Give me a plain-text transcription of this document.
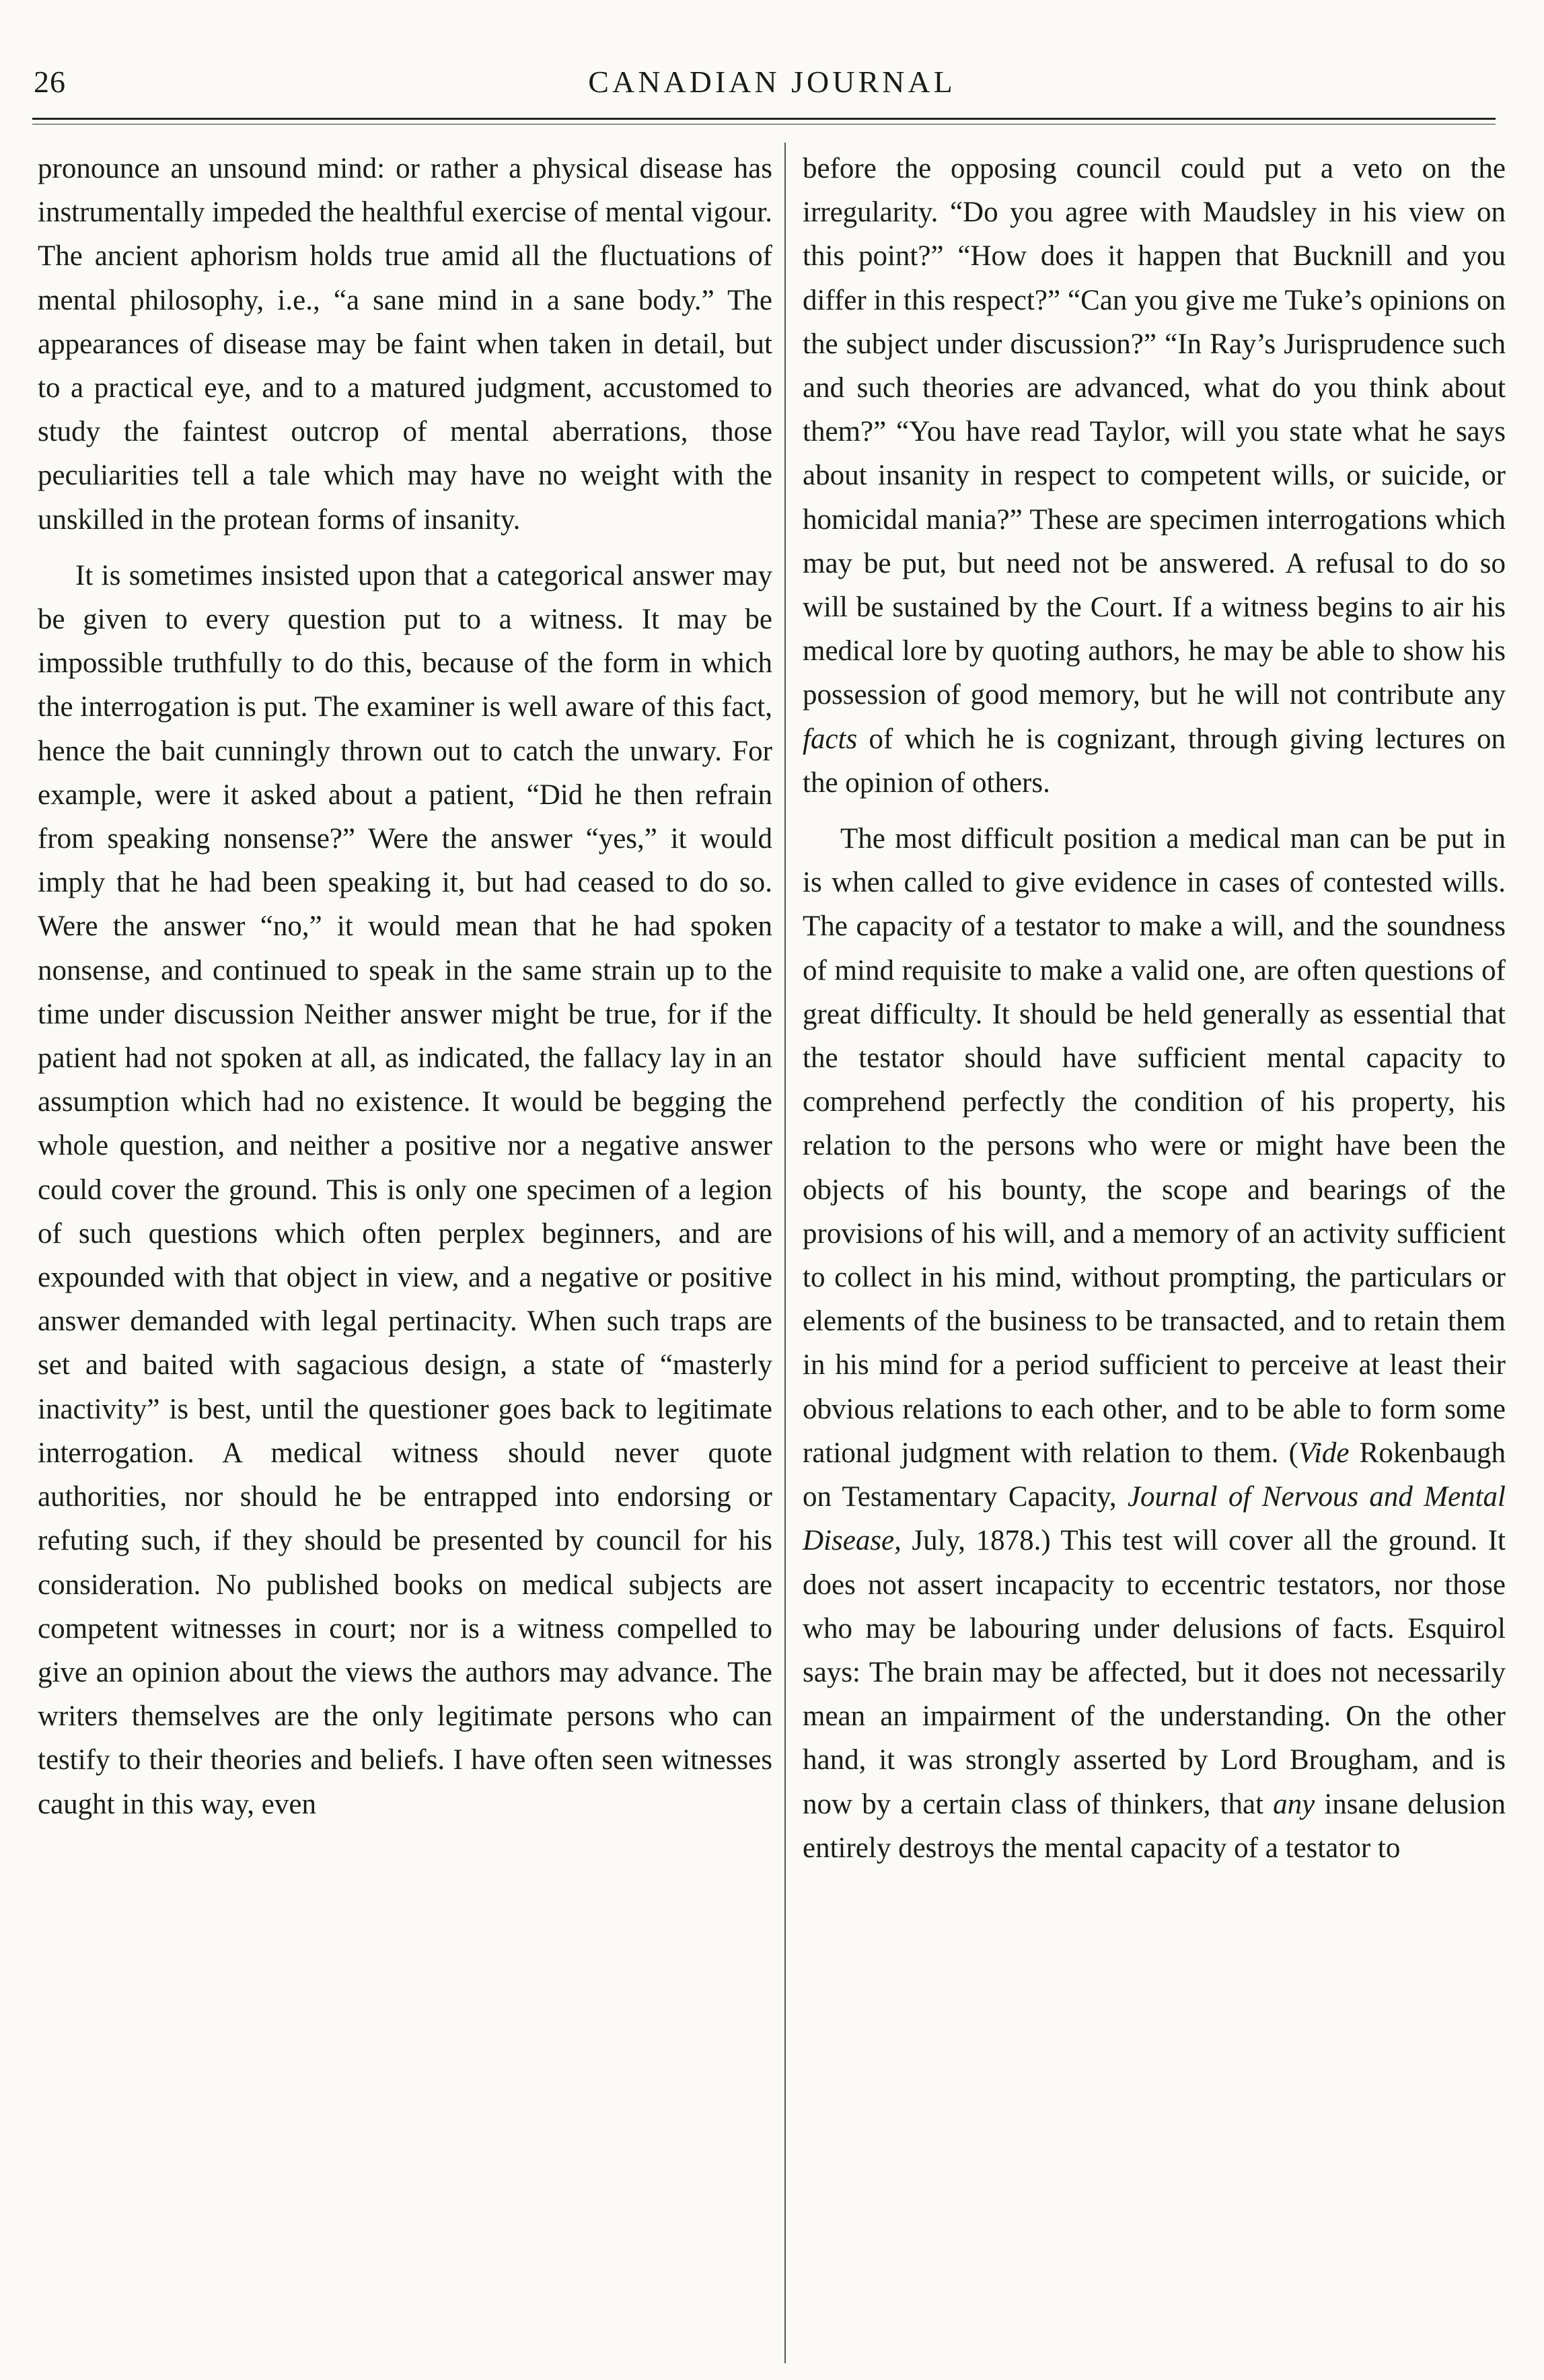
26	CANADIAN JOURNAL

pronounce an unsound mind: or rather a physical disease has instrumentally impeded the healthful exercise of mental vigour. The ancient aphorism holds true amid all the fluctuations of mental philosophy, i.e., “a sane mind in a sane body.” The appearances of disease may be faint when taken in detail, but to a practical eye, and to a matured judgment, accustomed to study the faintest outcrop of mental aberrations, those peculiarities tell a tale which may have no weight with the unskilled in the protean forms of insanity.

It is sometimes insisted upon that a categorical answer may be given to every question put to a witness. It may be impossible truthfully to do this, because of the form in which the interrogation is put. The examiner is well aware of this fact, hence the bait cunningly thrown out to catch the unwary. For example, were it asked about a patient, “Did he then refrain from speaking nonsense?” Were the answer “yes,” it would imply that he had been speaking it, but had ceased to do so. Were the answer “no,” it would mean that he had spoken nonsense, and continued to speak in the same strain up to the time under discussion Neither answer might be true, for if the patient had not spoken at all, as indicated, the fallacy lay in an assumption which had no existence. It would be begging the whole question, and neither a positive nor a negative answer could cover the ground. This is only one specimen of a legion of such questions which often perplex beginners, and are expounded with that object in view, and a negative or positive answer demanded with legal pertinacity. When such traps are set and baited with sagacious design, a state of “masterly inactivity” is best, until the questioner goes back to legitimate interrogation. A medical witness should never quote authorities, nor should he be entrapped into endorsing or refuting such, if they should be presented by council for his consideration. No published books on medical subjects are competent witnesses in court; nor is a witness compelled to give an opinion about the views the authors may advance. The writers themselves are the only legitimate persons who can testify to their theories and beliefs. I have often seen witnesses caught in this way, even

before the opposing council could put a veto on the irregularity. “Do you agree with Maudsley in his view on this point?” “How does it happen that Bucknill and you differ in this respect?” “Can you give me Tuke’s opinions on the subject under discussion?” “In Ray’s Jurisprudence such and such theories are advanced, what do you think about them?” “You have read Taylor, will you state what he says about insanity in respect to competent wills, or suicide, or homicidal mania?” These are specimen interrogations which may be put, but need not be answered. A refusal to do so will be sustained by the Court. If a witness begins to air his medical lore by quoting authors, he may be able to show his possession of good memory, but he will not contribute any facts of which he is cognizant, through giving lectures on the opinion of others.

The most difficult position a medical man can be put in is when called to give evidence in cases of contested wills. The capacity of a testator to make a will, and the soundness of mind requisite to make a valid one, are often questions of great difficulty. It should be held generally as essential that the testator should have sufficient mental capacity to comprehend perfectly the condition of his property, his relation to the persons who were or might have been the objects of his bounty, the scope and bearings of the provisions of his will, and a memory of an activity sufficient to collect in his mind, without prompting, the particulars or elements of the business to be transacted, and to retain them in his mind for a period sufficient to perceive at least their obvious relations to each other, and to be able to form some rational judgment with relation to them. (Vide Rokenbaugh on Testamentary Capacity, Journal of Nervous and Mental Disease, July, 1878.) This test will cover all the ground. It does not assert incapacity to eccentric testators, nor those who may be labouring under delusions of facts. Esquirol says: The brain may be affected, but it does not necessarily mean an impairment of the understanding. On the other hand, it was strongly asserted by Lord Brougham, and is now by a certain class of thinkers, that any insane delusion entirely destroys the mental capacity of a testator to
